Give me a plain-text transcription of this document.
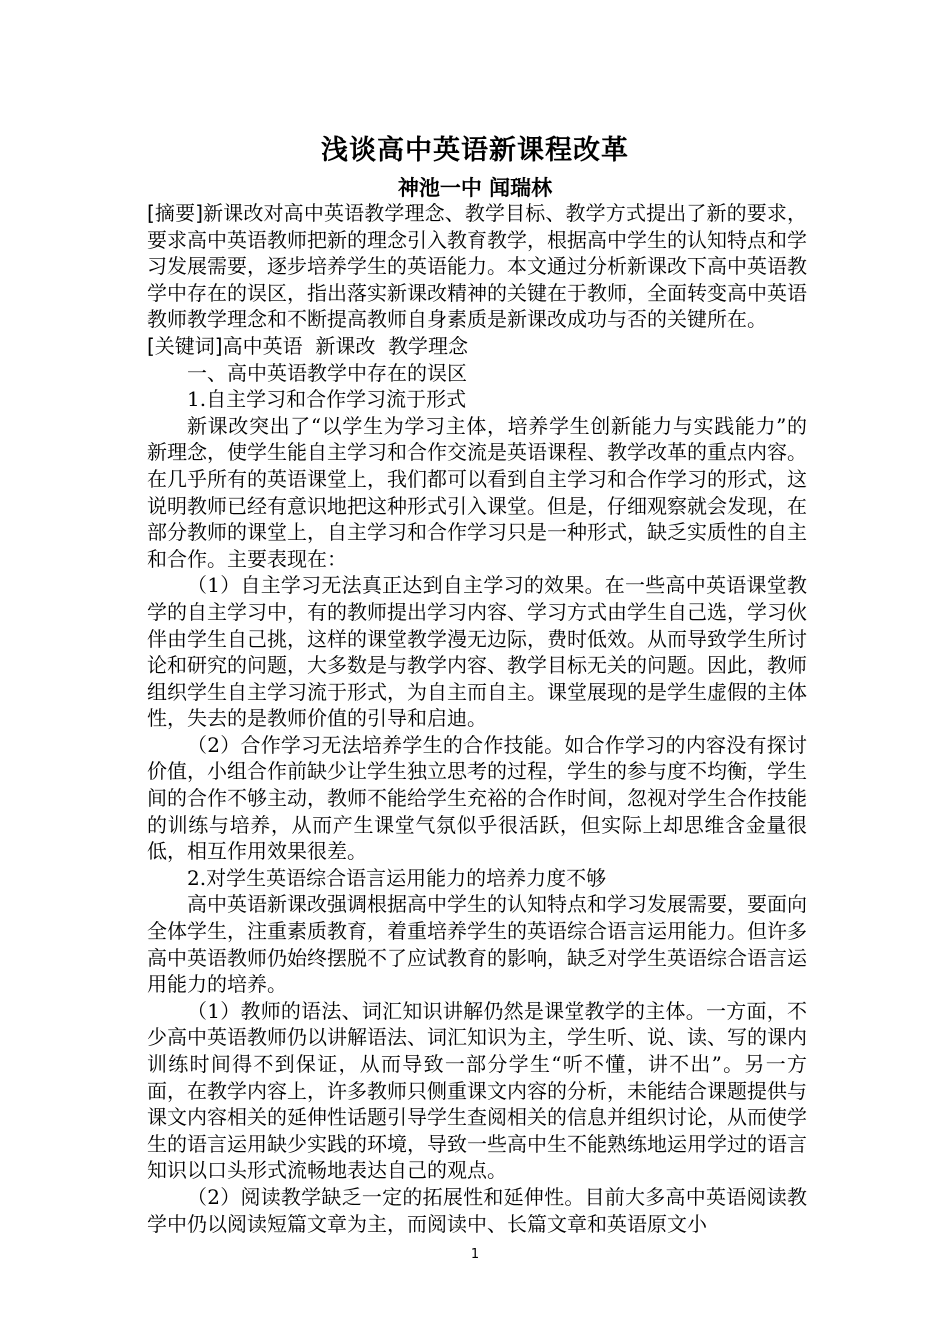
浅谈高中英语新课程改革
神池一中 闻瑞林

[摘要]新课改对高中英语教学理念、教学目标、教学方式提出了新的要求，要求高中英语教师把新的理念引入教育教学，根据高中学生的认知特点和学习发展需要，逐步培养学生的英语能力。本文通过分析新课改下高中英语教学中存在的误区，指出落实新课改精神的关键在于教师，全面转变高中英语教师教学理念和不断提高教师自身素质是新课改成功与否的关键所在。

[关键词]高中英语  新课改  教学理念

一、高中英语教学中存在的误区

1.自主学习和合作学习流于形式

新课改突出了“以学生为学习主体，培养学生创新能力与实践能力”的新理念，使学生能自主学习和合作交流是英语课程、教学改革的重点内容。在几乎所有的英语课堂上，我们都可以看到自主学习和合作学习的形式，这说明教师已经有意识地把这种形式引入课堂。但是，仔细观察就会发现，在部分教师的课堂上，自主学习和合作学习只是一种形式，缺乏实质性的自主和合作。主要表现在：

（1）自主学习无法真正达到自主学习的效果。在一些高中英语课堂教学的自主学习中，有的教师提出学习内容、学习方式由学生自己选，学习伙伴由学生自己挑，这样的课堂教学漫无边际，费时低效。从而导致学生所讨论和研究的问题，大多数是与教学内容、教学目标无关的问题。因此，教师组织学生自主学习流于形式，为自主而自主。课堂展现的是学生虚假的主体性，失去的是教师价值的引导和启迪。

（2）合作学习无法培养学生的合作技能。如合作学习的内容没有探讨价值，小组合作前缺少让学生独立思考的过程，学生的参与度不均衡，学生间的合作不够主动，教师不能给学生充裕的合作时间，忽视对学生合作技能的训练与培养，从而产生课堂气氛似乎很活跃，但实际上却思维含金量很低，相互作用效果很差。

2.对学生英语综合语言运用能力的培养力度不够

高中英语新课改强调根据高中学生的认知特点和学习发展需要，要面向全体学生，注重素质教育，着重培养学生的英语综合语言运用能力。但许多高中英语教师仍始终摆脱不了应试教育的影响，缺乏对学生英语综合语言运用能力的培养。

（1）教师的语法、词汇知识讲解仍然是课堂教学的主体。一方面，不少高中英语教师仍以讲解语法、词汇知识为主，学生听、说、读、写的课内训练时间得不到保证，从而导致一部分学生“听不懂，讲不出”。另一方面，在教学内容上，许多教师只侧重课文内容的分析，未能结合课题提供与课文内容相关的延伸性话题引导学生查阅相关的信息并组织讨论，从而使学生的语言运用缺少实践的环境，导致一些高中生不能熟练地运用学过的语言知识以口头形式流畅地表达自己的观点。

（2）阅读教学缺乏一定的拓展性和延伸性。目前大多高中英语阅读教学中仍以阅读短篇文章为主，而阅读中、长篇文章和英语原文小

1
